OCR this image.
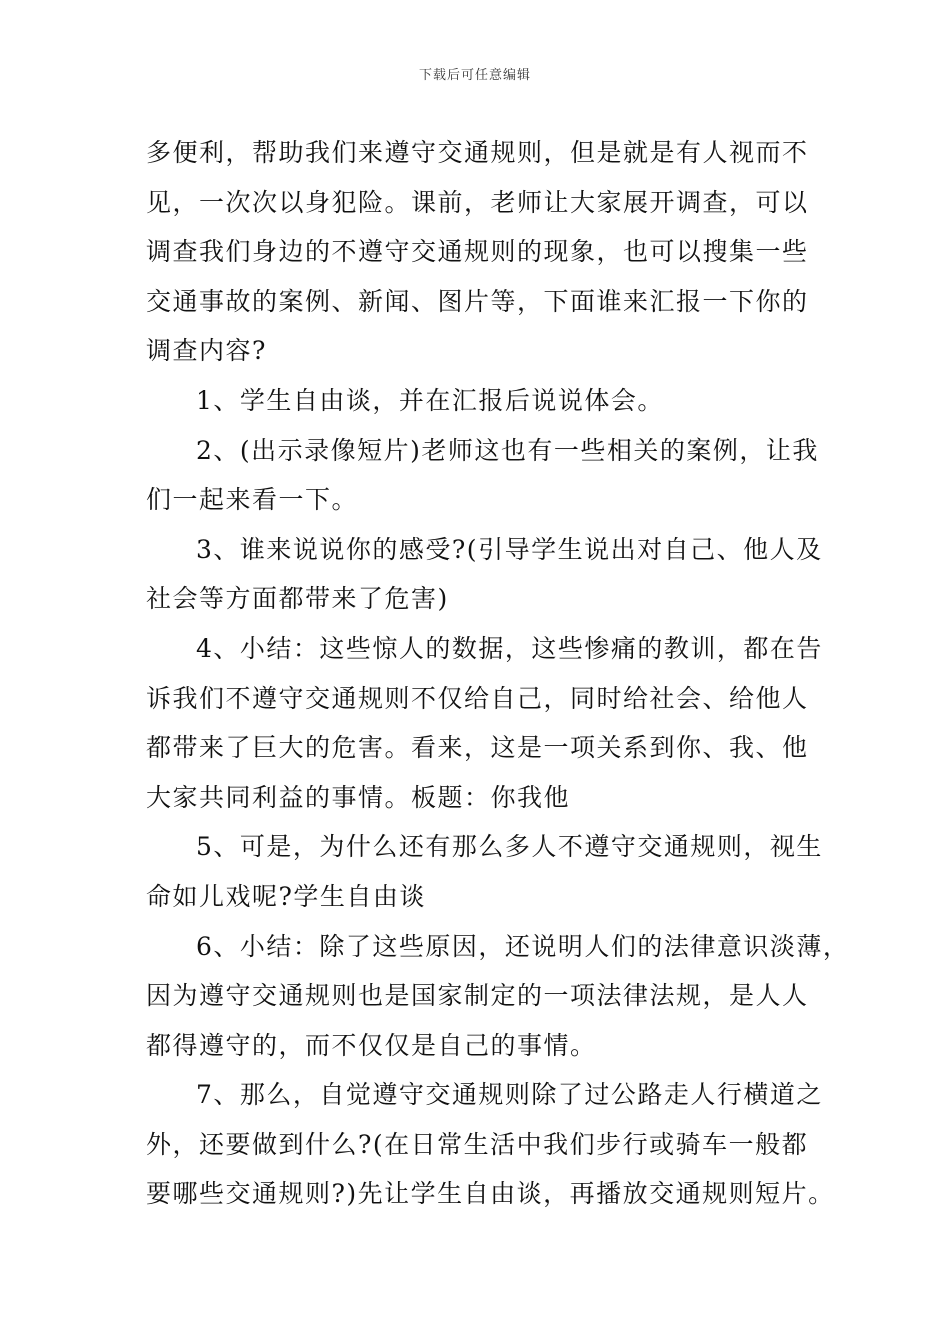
下载后可任意编辑

多便利，帮助我们来遵守交通规则，但是就是有人视而不
见，一次次以身犯险。课前，老师让大家展开调查，可以
调查我们身边的不遵守交通规则的现象，也可以搜集一些
交通事故的案例、新闻、图片等，下面谁来汇报一下你的
调查内容?

1、学生自由谈，并在汇报后说说体会。

2、(出示录像短片)老师这也有一些相关的案例，让我
们一起来看一下。

3、谁来说说你的感受?(引导学生说出对自己、他人及
社会等方面都带来了危害)

4、小结：这些惊人的数据，这些惨痛的教训，都在告
诉我们不遵守交通规则不仅给自己，同时给社会、给他人
都带来了巨大的危害。看来，这是一项关系到你、我、他
大家共同利益的事情。板题：你我他

5、可是，为什么还有那么多人不遵守交通规则，视生
命如儿戏呢?学生自由谈

6、小结：除了这些原因，还说明人们的法律意识淡薄，
因为遵守交通规则也是国家制定的一项法律法规，是人人
都得遵守的，而不仅仅是自己的事情。

7、那么，自觉遵守交通规则除了过公路走人行横道之
外，还要做到什么?(在日常生活中我们步行或骑车一般都
要哪些交通规则?)先让学生自由谈，再播放交通规则短片。
